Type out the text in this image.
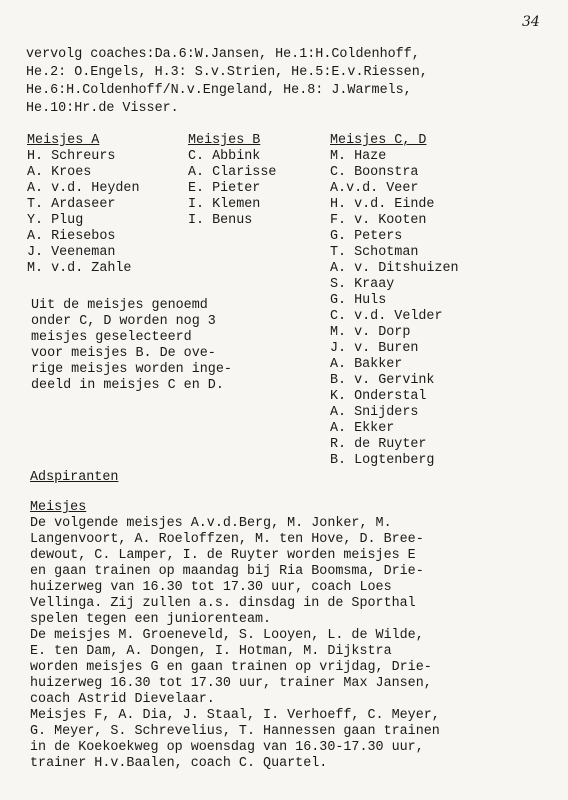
34
vervolg coaches:Da.6:W.Jansen, He.1:H.Coldenhoff,
He.2: O.Engels, H.3: S.v.Strien, He.5:E.v.Riessen,
He.6:H.Coldenhoff/N.v.Engeland, He.8: J.Warmels,
He.10:Hr.de Visser.
Meisjes A
H. Schreurs
A. Kroes
A. v.d. Heyden
T. Ardaseer
Y. Plug
A. Riesebos
J. Veeneman
M. v.d. Zahle
Meisjes B
C. Abbink
A. Clarisse
E. Pieter
I. Klemen
I. Benus
Meisjes C, D
M. Haze
C. Boonstra
A.v.d. Veer
H. v.d. Einde
F. v. Kooten
G. Peters
T. Schotman
A. v. Ditshuizen
S. Kraay
G. Huls
C. v.d. Velder
M. v. Dorp
J. v. Buren
A. Bakker
B. v. Gervink
K. Onderstal
A. Snijders
A. Ekker
R. de Ruyter
B. Logtenberg
Uit de meisjes genoemd
onder C, D worden nog 3
meisjes geselecteerd
voor meisjes B. De ove-
rige meisjes worden inge-
deeld in meisjes C en D.
Adspiranten
Meisjes
De volgende meisjes A.v.d.Berg, M. Jonker, M.
Langenvoort, A. Roeloffzen, M. ten Hove, D. Bree-
dewout, C. Lamper, I. de Ruyter worden meisjes E
en gaan trainen op maandag bij Ria Boomsma, Drie-
huizerweg van 16.30 tot 17.30 uur, coach Loes
Vellinga. Zij zullen a.s. dinsdag in de Sporthal
spelen tegen een juniorenteam.
De meisjes M. Groeneveld, S. Looyen, L. de Wilde,
E. ten Dam, A. Dongen, I. Hotman, M. Dijkstra
worden meisjes G en gaan trainen op vrijdag, Drie-
huizerweg 16.30 tot 17.30 uur, trainer Max Jansen,
coach Astrid Dievelaar.
Meisjes F, A. Dia, J. Staal, I. Verhoeff, C. Meyer,
G. Meyer, S. Schrevelius, T. Hannessen gaan trainen
in de Koekoekweg op woensdag van 16.30-17.30 uur,
trainer H.v.Baalen, coach C. Quartel.
